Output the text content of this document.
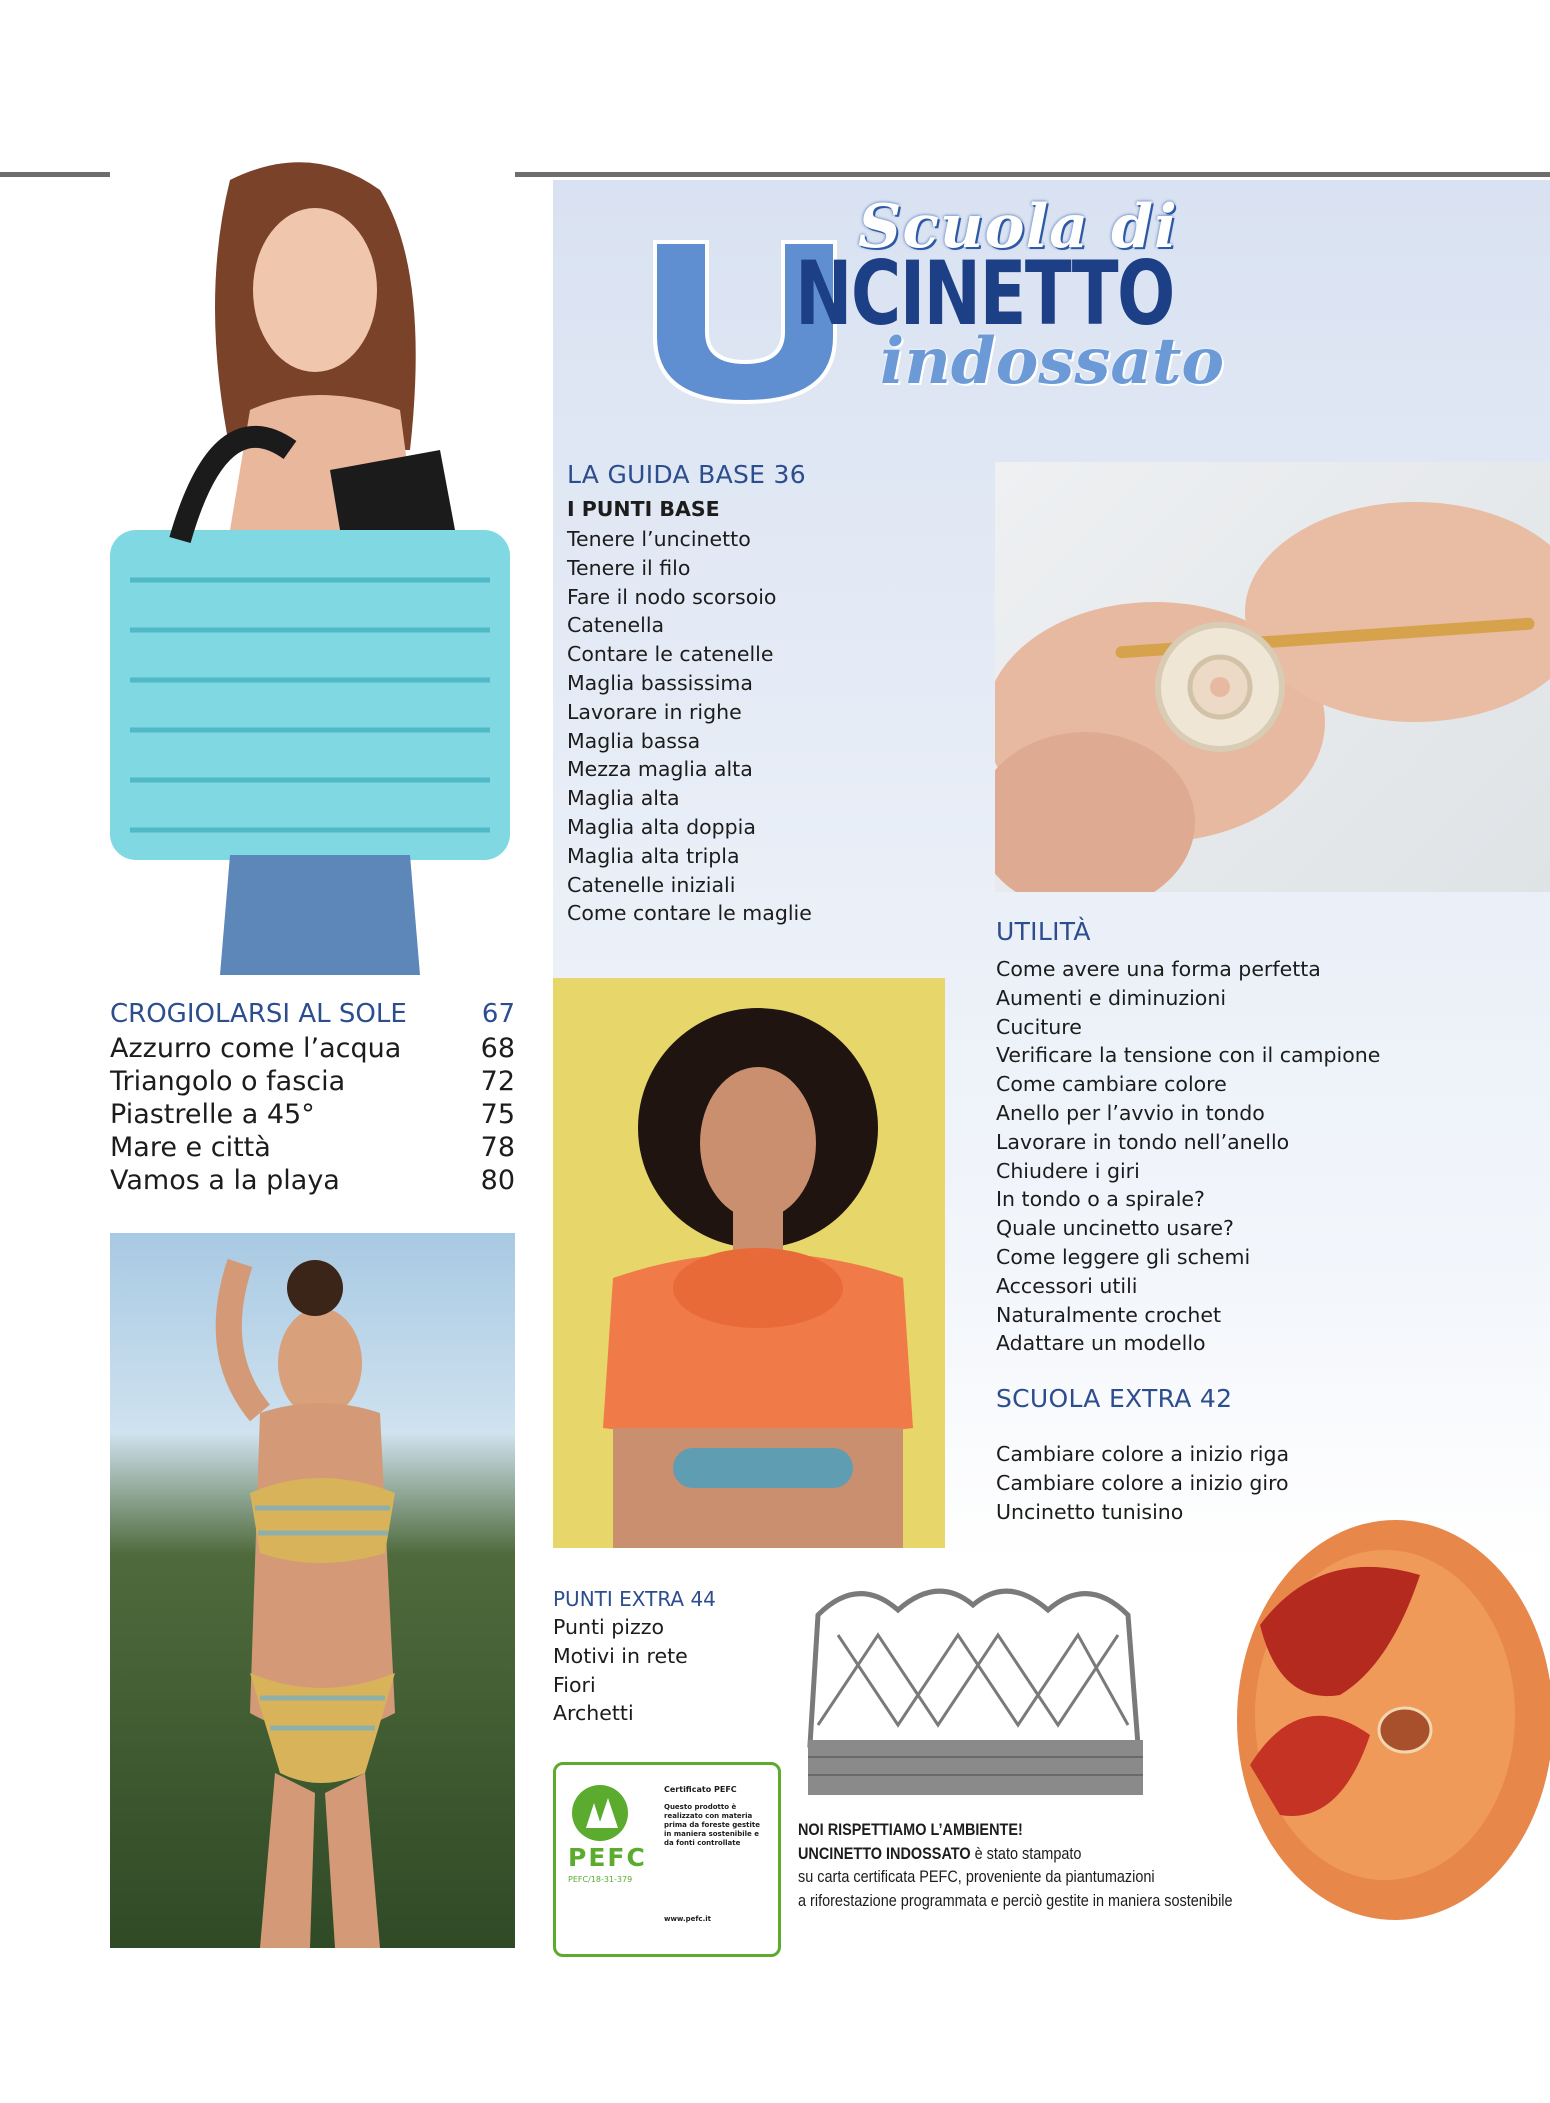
Scuola di
NCINETTO
indossato
LA GUIDA BASE 36
I PUNTI BASE
Tenere l’uncinetto
Tenere il filo
Fare il nodo scorsoio
Catenella
Contare le catenelle
Maglia bassissima
Lavorare in righe
Maglia bassa
Mezza maglia alta
Maglia alta
Maglia alta doppia
Maglia alta tripla
Catenelle iniziali
Come contare le maglie
UTILITÀ
Come avere una forma perfetta
Aumenti e diminuzioni
Cuciture
Verificare la tensione con il campione
Come cambiare colore
Anello per l’avvio in tondo
Lavorare in tondo nell’anello
Chiudere i giri
In tondo o a spirale?
Quale uncinetto usare?
Come leggere gli schemi
Accessori utili
Naturalmente crochet
Adattare un modello
SCUOLA EXTRA 42
Cambiare colore a inizio riga
Cambiare colore a inizio giro
Uncinetto tunisino
CROGIOLARSI AL SOLE	67
Azzurro come l’acqua	68
Triangolo o fascia	72
Piastrelle a 45°	75
Mare e città	78
Vamos a la playa	80
PUNTI EXTRA 44
Punti pizzo
Motivi in rete
Fiori
Archetti
PEFC
PEFC/18-31-379
Certificato PEFC
Questo prodotto è realizzato con materia prima da foreste gestite in maniera sostenibile e da fonti controllate
www.pefc.it
NOI RISPETTIAMO L’AMBIENTE!
UNCINETTO INDOSSATO è stato stampato
su carta certificata PEFC, proveniente da piantumazioni
a riforestazione programmata e perciò gestite in maniera sostenibile
